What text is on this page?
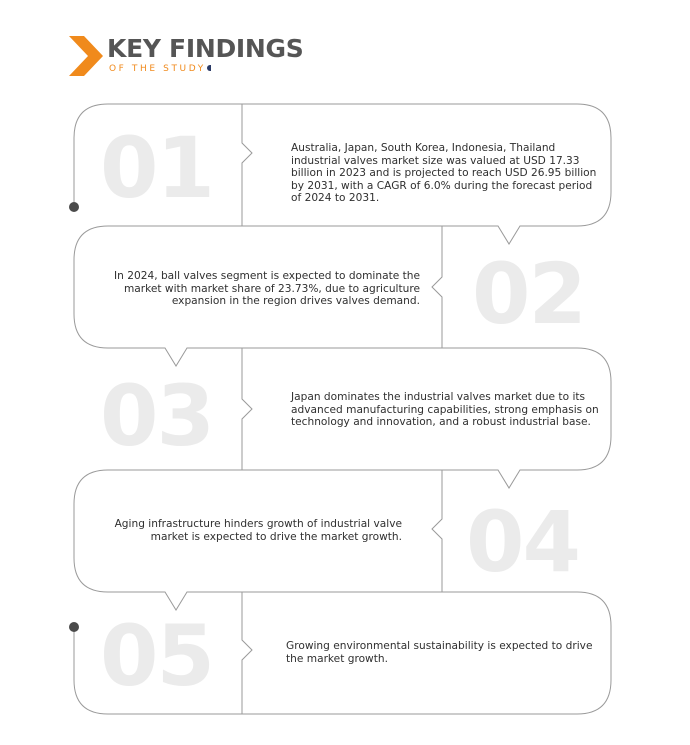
KEY FINDINGS
OF THE STUDY
01
02
03
04
05
Australia, Japan, South Korea, Indonesia, Thailand industrial valves market size was valued at USD 17.33 billion in 2023 and is projected to reach USD 26.95 billion by 2031, with a CAGR of 6.0% during the forecast period of 2024 to 2031.
In 2024, ball valves segment is expected to dominate the market with market share of 23.73%, due to agriculture expansion in the region drives valves demand.
Japan dominates the industrial valves market due to its advanced manufacturing capabilities, strong emphasis on technology and innovation, and a robust industrial base.
Aging infrastructure hinders growth of industrial valve market is expected to drive the market growth.
Growing environmental sustainability is expected to drive the market growth.
